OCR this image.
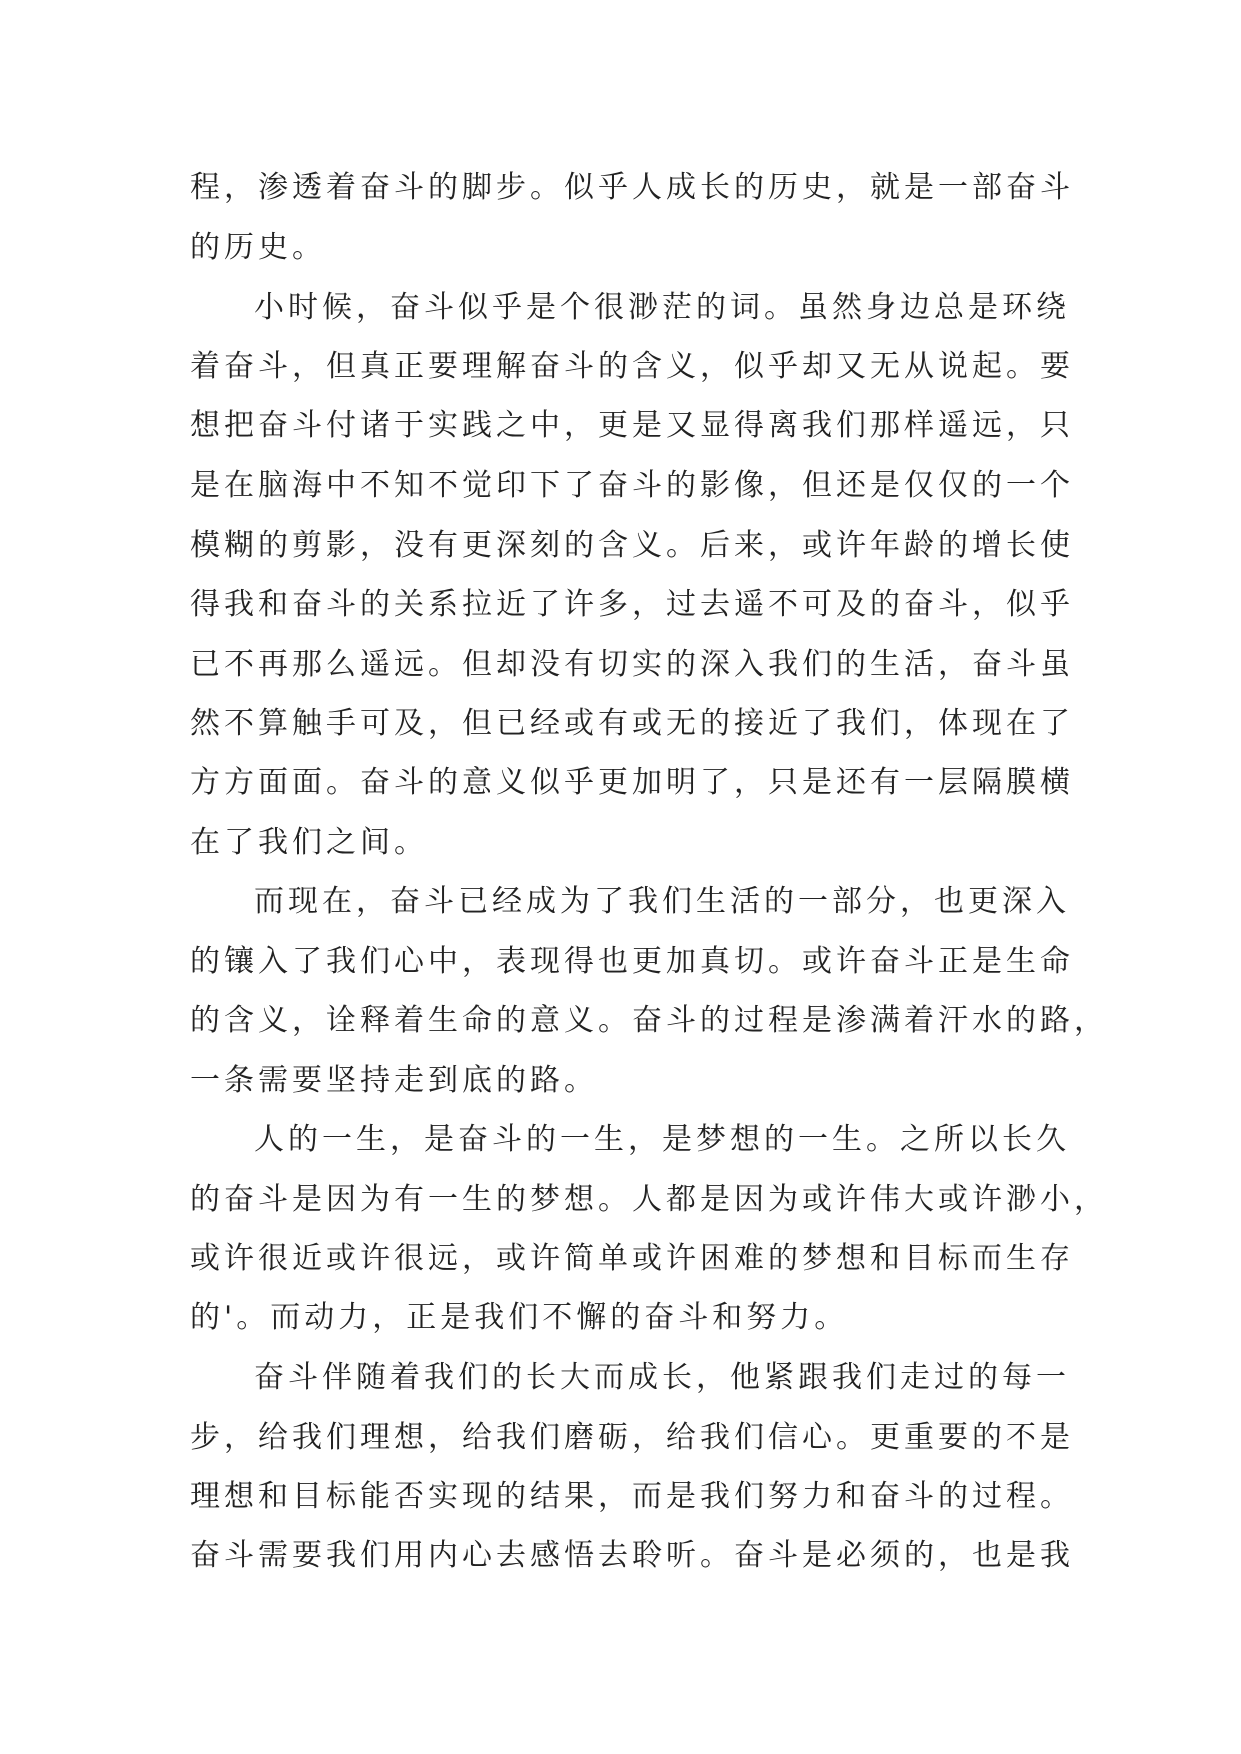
程，渗透着奋斗的脚步。似乎人成长的历史，就是一部奋斗
的历史。
小时候，奋斗似乎是个很渺茫的词。虽然身边总是环绕
着奋斗，但真正要理解奋斗的含义，似乎却又无从说起。要
想把奋斗付诸于实践之中，更是又显得离我们那样遥远，只
是在脑海中不知不觉印下了奋斗的影像，但还是仅仅的一个
模糊的剪影，没有更深刻的含义。后来，或许年龄的增长使
得我和奋斗的关系拉近了许多，过去遥不可及的奋斗，似乎
已不再那么遥远。但却没有切实的深入我们的生活，奋斗虽
然不算触手可及，但已经或有或无的接近了我们，体现在了
方方面面。奋斗的意义似乎更加明了，只是还有一层隔膜横
在了我们之间。
而现在，奋斗已经成为了我们生活的一部分，也更深入
的镶入了我们心中，表现得也更加真切。或许奋斗正是生命
的含义，诠释着生命的意义。奋斗的过程是渗满着汗水的路，
一条需要坚持走到底的路。
人的一生，是奋斗的一生，是梦想的一生。之所以长久
的奋斗是因为有一生的梦想。人都是因为或许伟大或许渺小，
或许很近或许很远，或许简单或许困难的梦想和目标而生存
的'。而动力，正是我们不懈的奋斗和努力。
奋斗伴随着我们的长大而成长，他紧跟我们走过的每一
步，给我们理想，给我们磨砺，给我们信心。更重要的不是
理想和目标能否实现的结果，而是我们努力和奋斗的过程。
奋斗需要我们用内心去感悟去聆听。奋斗是必须的，也是我
